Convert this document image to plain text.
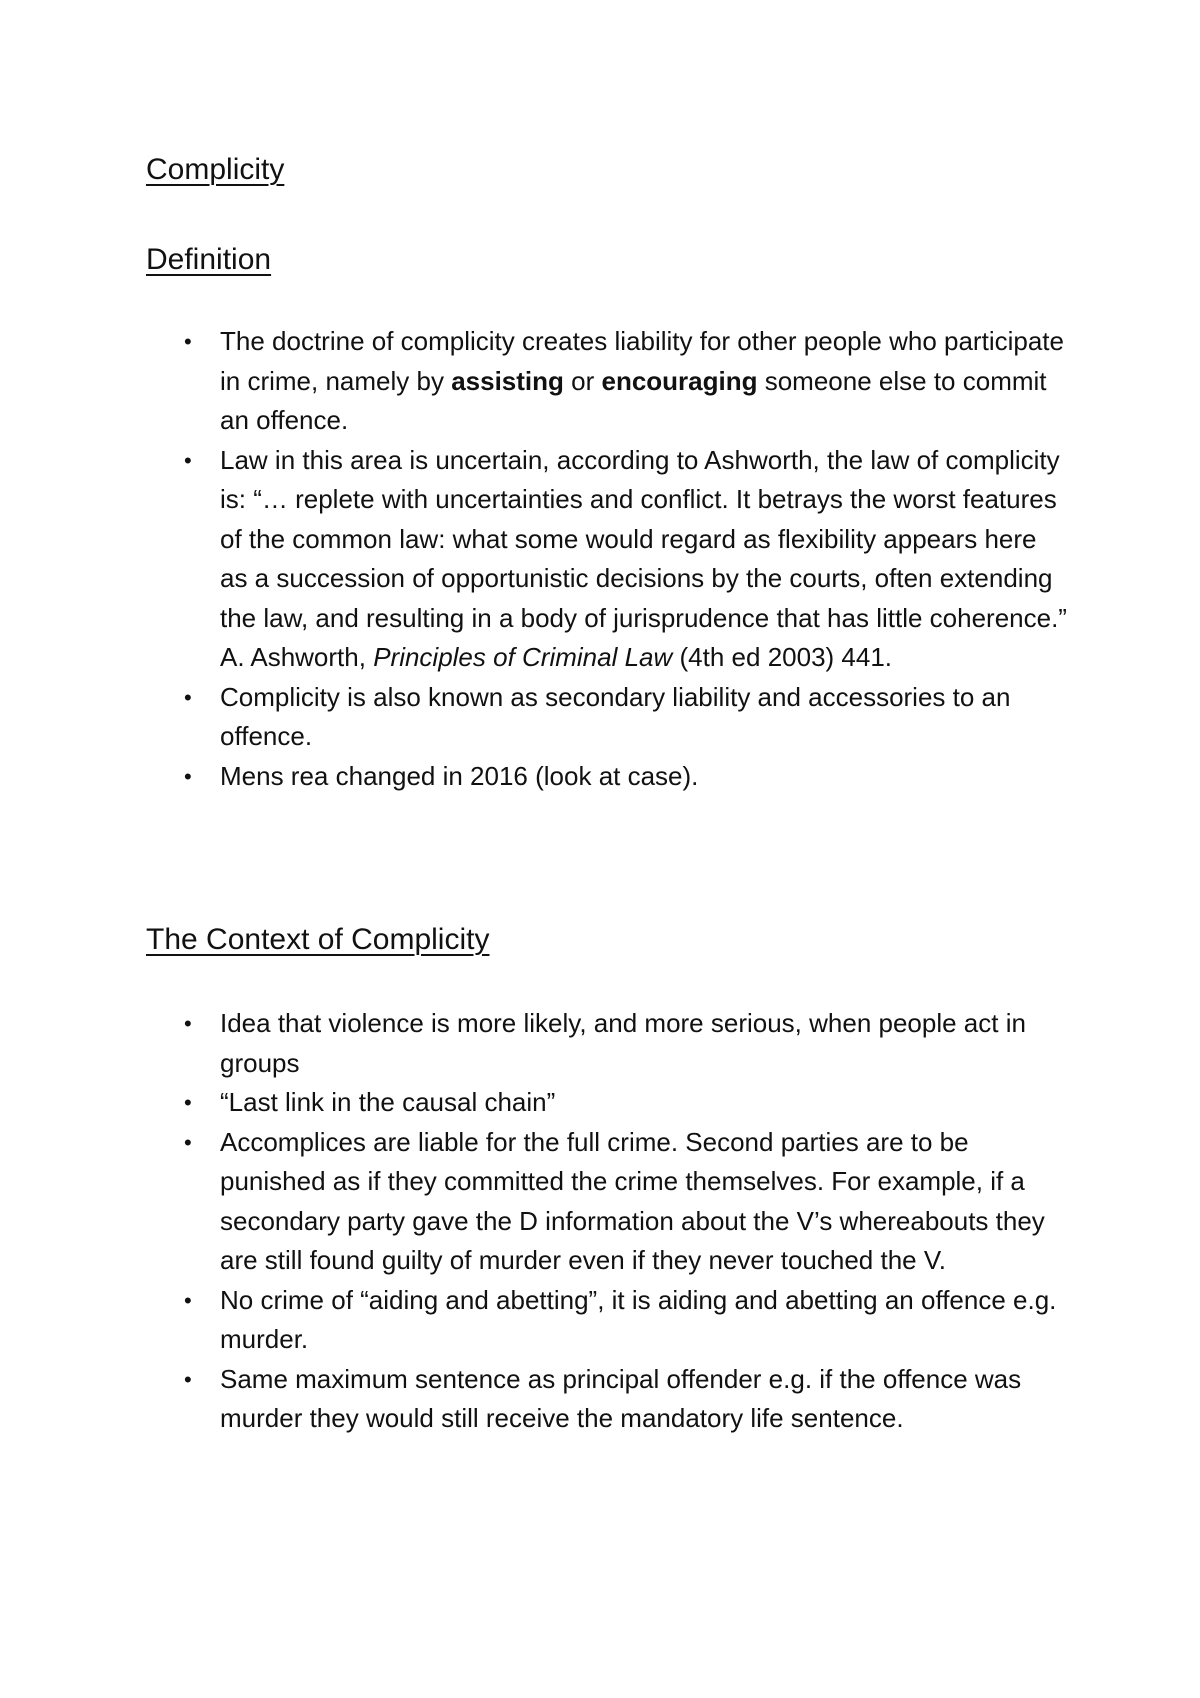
Complicity
Definition
• The doctrine of complicity creates liability for other people who participate in crime, namely by assisting or encouraging someone else to commit an offence.
• Law in this area is uncertain, according to Ashworth, the law of complicity is: “… replete with uncertainties and conflict. It betrays the worst features of the common law: what some would regard as flexibility appears here as a succession of opportunistic decisions by the courts, often extending the law, and resulting in a body of jurisprudence that has little coherence.” A. Ashworth, Principles of Criminal Law (4th ed 2003) 441.
• Complicity is also known as secondary liability and accessories to an offence.
• Mens rea changed in 2016 (look at case).
The Context of Complicity
• Idea that violence is more likely, and more serious, when people act in groups
• “Last link in the causal chain”
• Accomplices are liable for the full crime. Second parties are to be punished as if they committed the crime themselves. For example, if a secondary party gave the D information about the V’s whereabouts they are still found guilty of murder even if they never touched the V.
• No crime of “aiding and abetting”, it is aiding and abetting an offence e.g. murder.
• Same maximum sentence as principal offender e.g. if the offence was murder they would still receive the mandatory life sentence.
